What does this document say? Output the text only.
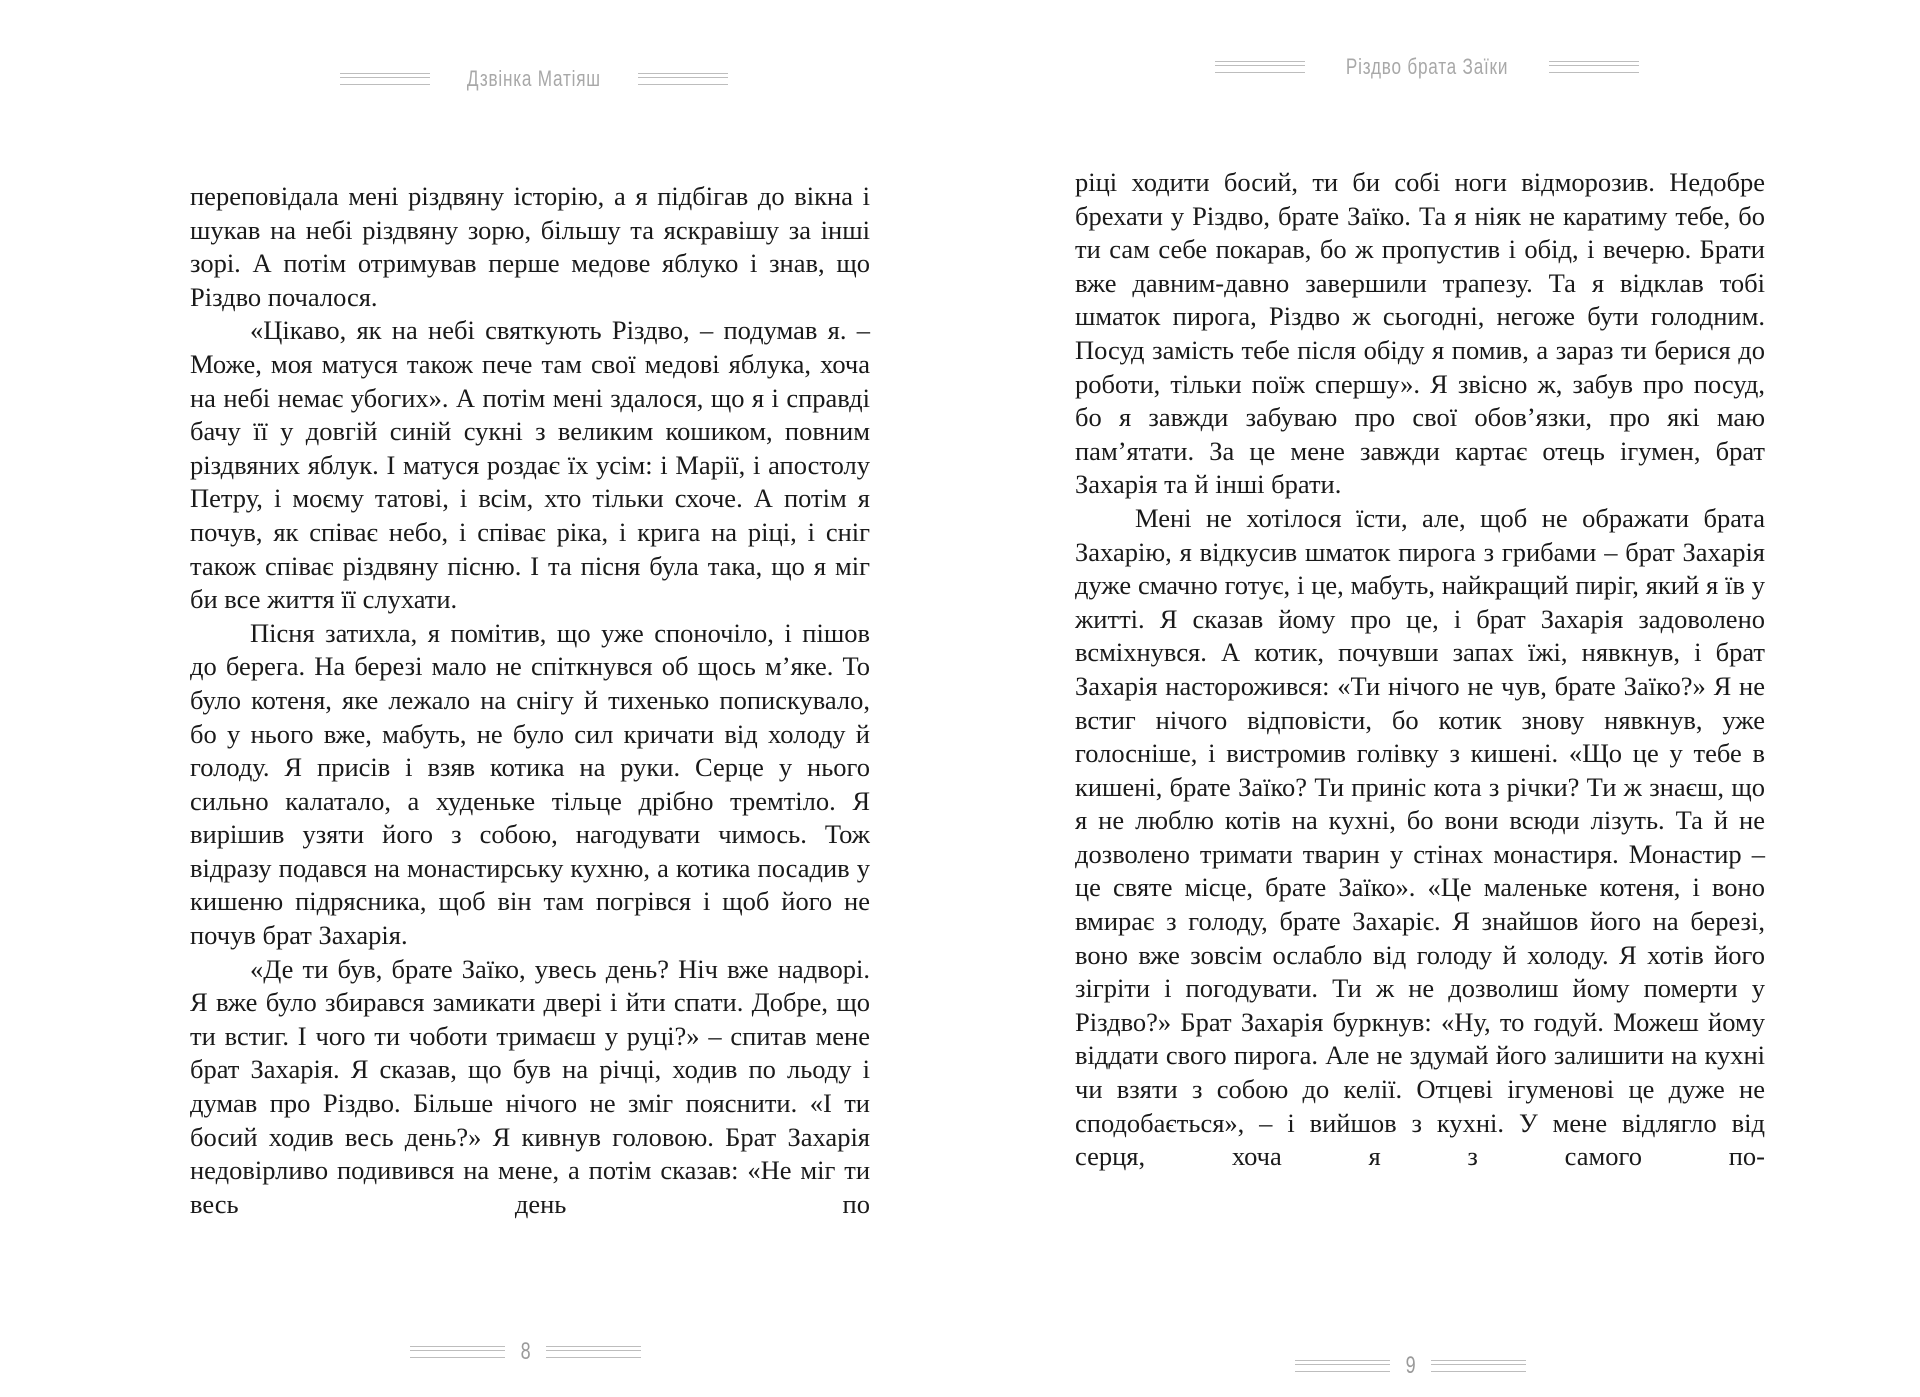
Дзвінка Матіяш

переповідала мені різдвяну історію, а я підбігав до вікна і шукав на небі різдвяну зорю, більшу та яскравішу за інші зорі. А потім отримував перше медове яблуко і знав, що Різдво почалося.

«Цікаво, як на небі святкують Різдво, – подумав я. – Може, моя матуся також пече там свої медові яблука, хоча на небі немає убогих». А потім мені здалося, що я і справді бачу її у довгій синій сукні з великим кошиком, повним різдвяних яблук. І матуся роздає їх усім: і Марії, і апостолу Петру, і моєму татові, і всім, хто тільки схоче. А потім я почув, як співає небо, і співає ріка, і крига на ріці, і сніг також співає різдвяну пісню. І та пісня була така, що я міг би все життя її слухати.

Пісня затихла, я помітив, що уже споночіло, і пішов до берега. На березі мало не спіткнувся об щось м’яке. То було котеня, яке лежало на снігу й тихенько попискувало, бо у нього вже, мабуть, не було сил кричати від холоду й голоду. Я присів і взяв котика на руки. Серце у нього сильно калатало, а худеньке тільце дрібно тремтіло. Я вирішив узяти його з собою, нагодувати чимось. Тож відразу подався на монастирську кухню, а котика посадив у кишеню підрясника, щоб він там погрівся і щоб його не почув брат Захарія.

«Де ти був, брате Заїко, увесь день? Ніч вже надворі. Я вже було збирався замикати двері і йти спати. Добре, що ти встиг. І чого ти чоботи тримаєш у руці?» – спитав мене брат Захарія. Я сказав, що був на річці, ходив по льоду і думав про Різдво. Більше нічого не зміг пояснити. «І ти босий ходив весь день?» Я кивнув головою. Брат Захарія недовірливо подивився на мене, а потім сказав: «Не міг ти весь день по

8
Різдво брата Заїки

ріці ходити босий, ти би собі ноги відморозив. Недобре брехати у Різдво, брате Заїко. Та я ніяк не каратиму тебе, бо ти сам себе покарав, бо ж пропустив і обід, і вечерю. Брати вже давним-давно завершили трапезу. Та я відклав тобі шматок пирога, Різдво ж сьогодні, негоже бути голодним. Посуд замість тебе після обіду я помив, а зараз ти берися до роботи, тільки поїж спершу». Я звісно ж, забув про посуд, бо я завжди забуваю про свої обов’язки, про які маю пам’ятати. За це мене завжди картає отець ігумен, брат Захарія та й інші брати.

Мені не хотілося їсти, але, щоб не ображати брата Захарію, я відкусив шматок пирога з грибами – брат Захарія дуже смачно готує, і це, мабуть, найкращий пиріг, який я їв у житті. Я сказав йому про це, і брат Захарія задоволено всміхнувся. А котик, почувши запах їжі, нявкнув, і брат Захарія насторожився: «Ти нічого не чув, брате Заїко?» Я не встиг нічого відповісти, бо котик знову нявкнув, уже голосніше, і вистромив голівку з кишені. «Що це у тебе в кишені, брате Заїко? Ти приніс кота з річки? Ти ж знаєш, що я не люблю котів на кухні, бо вони всюди лізуть. Та й не дозволено тримати тварин у стінах монастиря. Монастир – це святе місце, брате Заїко». «Це маленьке котеня, і воно вмирає з голоду, брате Захаріє. Я знайшов його на березі, воно вже зовсім ослабло від голоду й холоду. Я хотів його зігріти і погодувати. Ти ж не дозволиш йому померти у Різдво?» Брат Захарія буркнув: «Ну, то годуй. Можеш йому віддати свого пирога. Але не здумай його залишити на кухні чи взяти з собою до келії. Отцеві ігуменові це дуже не сподобається», – і вийшов з кухні. У мене відлягло від серця, хоча я з самого по-

9
